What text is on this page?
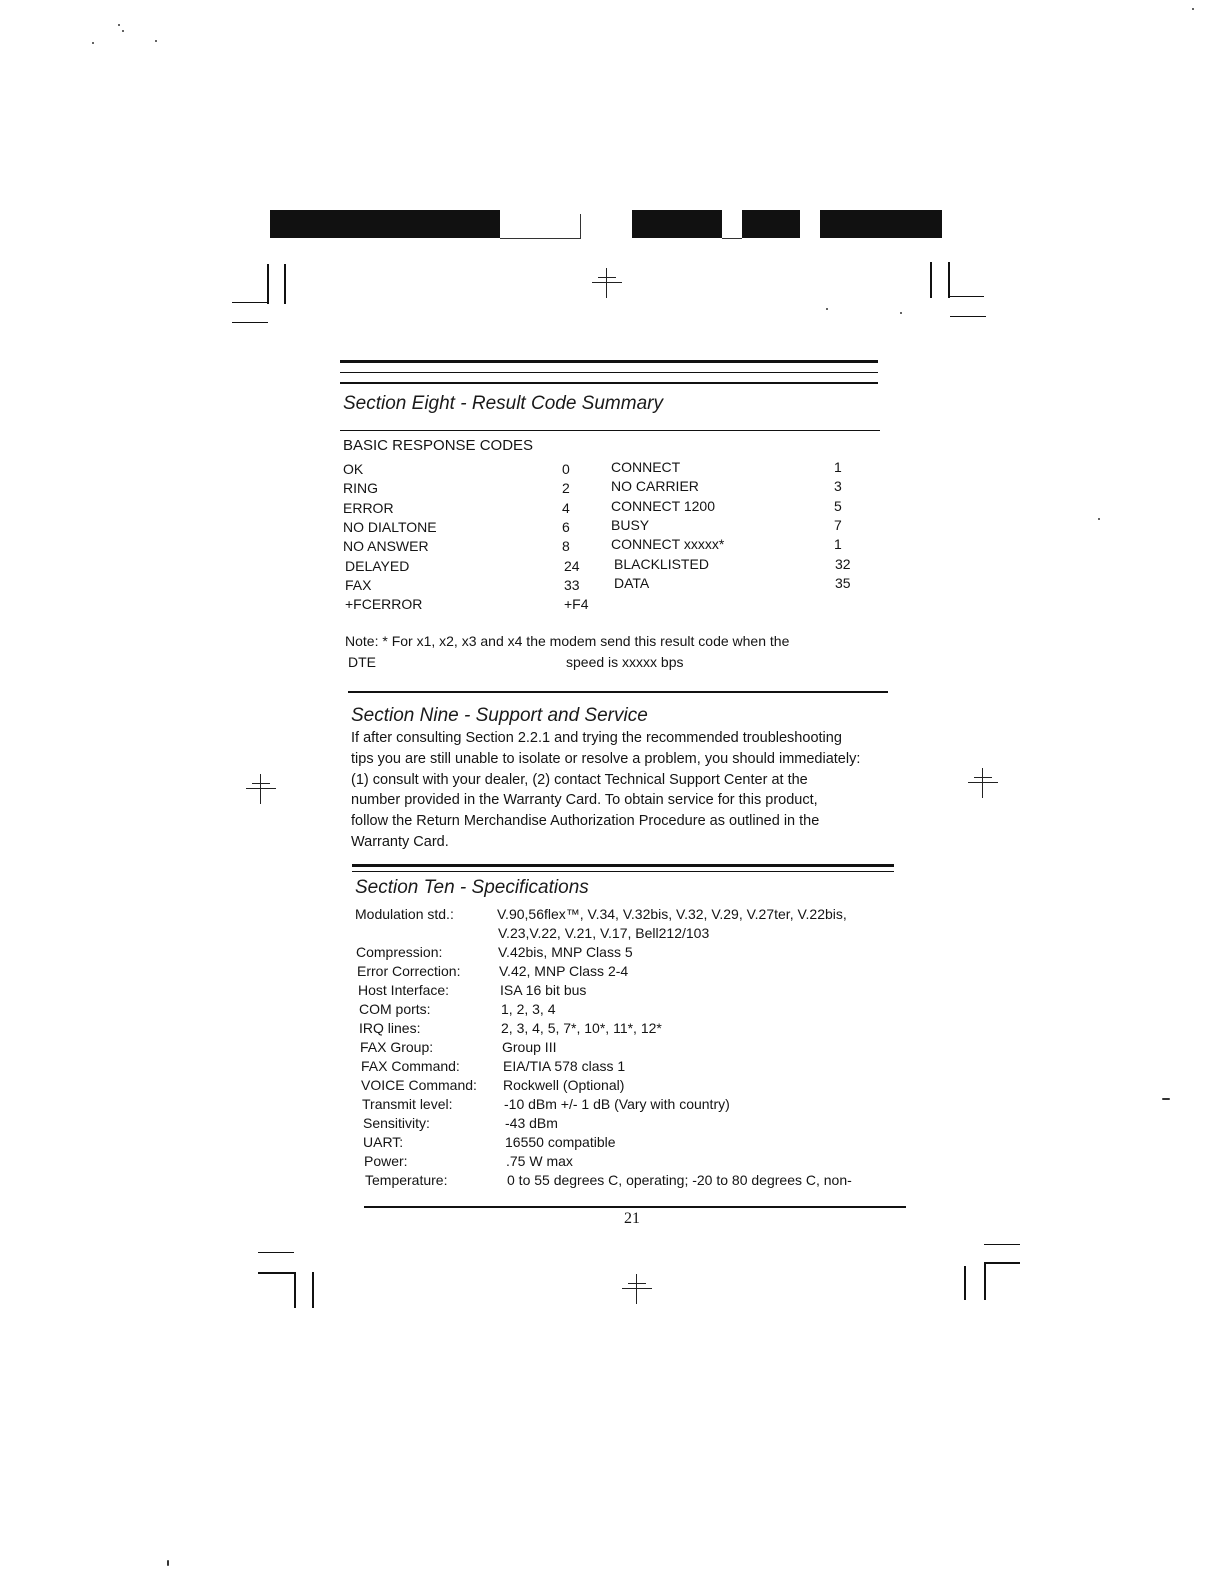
Section Eight - Result Code Summary
BASIC RESPONSE CODES
OK	0
RING	2
ERROR	4
NO DIALTONE	6
NO ANSWER	8
DELAYED	24
FAX	33
+FCERROR	+F4
CONNECT	1
NO CARRIER	3
CONNECT 1200	5
BUSY	7
CONNECT xxxxx*	1
BLACKLISTED	32
DATA	35
Note: * For x1, x2, x3 and x4 the modem send this result code when the
DTE	speed is xxxxx bps
Section Nine - Support and Service
If after consulting Section 2.2.1 and trying the recommended troubleshooting
tips you are still unable to isolate or resolve a problem, you should immediately:
(1) consult with your dealer, (2) contact Technical Support Center at the
number provided in the Warranty Card. To obtain service for this product,
follow the Return Merchandise Authorization Procedure as outlined in the
Warranty Card.
Section Ten - Specifications
Modulation std.:	V.90,56flex™, V.34, V.32bis, V.32, V.29, V.27ter, V.22bis,
V.23,V.22, V.21, V.17, Bell212/103
Compression:	V.42bis, MNP Class 5
Error Correction:	V.42, MNP Class 2-4
Host Interface:	ISA 16 bit bus
COM ports:	1, 2, 3, 4
IRQ lines:	2, 3, 4, 5, 7*, 10*, 11*, 12*
FAX Group:	Group III
FAX Command:	EIA/TIA 578 class 1
VOICE Command: Rockwell (Optional)
Transmit level:	-10 dBm +/- 1 dB (Vary with country)
Sensitivity:	-43 dBm
UART:	16550 compatible
Power:	.75 W max
Temperature:	0 to 55 degrees C, operating; -20 to 80 degrees C, non-
21
